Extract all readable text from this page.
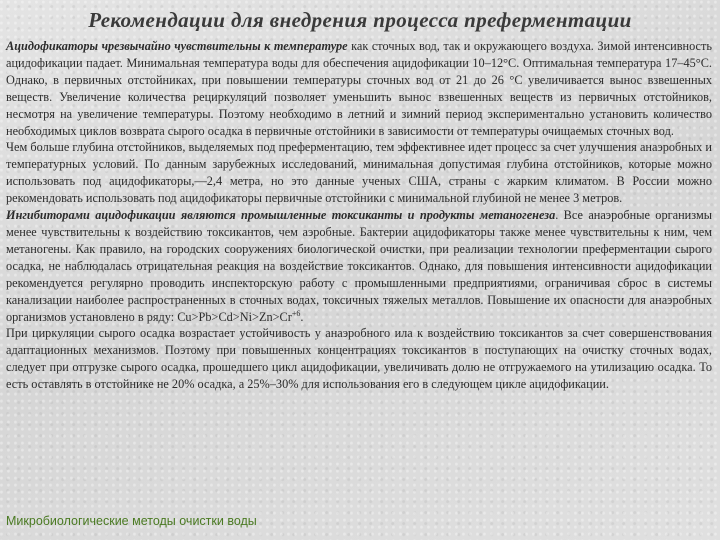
Рекомендации для внедрения процесса преферментации

Ацидофикаторы чрезвычайно чувствительны к температуре как сточных вод, так и окружающего воздуха. Зимой интенсивность ацидофикации падает. Минимальная температура воды для обеспечения ацидофикации 10–12°С. Оптимальная температура 17–45°С. Однако, в первичных отстойниках, при повышении температуры сточных вод от 21 до 26 °С увеличивается вынос взвешенных веществ. Увеличение количества рециркуляций позволяет уменьшить вынос взвешенных веществ из первичных отстойников, несмотря на увеличение температуры. Поэтому необходимо в летний и зимний период экспериментально установить количество необходимых циклов возврата сырого осадка в первичные отстойники в зависимости от температуры очищаемых сточных вод.

Чем больше глубина отстойников, выделяемых под преферментацию, тем эффективнее идет процесс за счет улучшения анаэробных и температурных условий. По данным зарубежных исследований, минимальная допустимая глубина отстойников, которые можно использовать под ацидофикаторы,—2,4 метра, но это данные ученых США, страны с жарким климатом. В России можно рекомендовать использовать под ацидофикаторы первичные отстойники с минимальной глубиной не менее 3 метров.

Ингибиторами ацидофикации являются промышленные токсиканты и продукты метаногенеза. Все анаэробные организмы менее чувствительны к воздействию токсикантов, чем аэробные. Бактерии ацидофикаторы также менее чувствительны к ним, чем метаногены. Как правило, на городских сооружениях биологической очистки, при реализации технологии преферментации сырого осадка, не наблюдалась отрицательная реакция на воздействие токсикантов. Однако, для повышения интенсивности ацидофикации рекомендуется регулярно проводить инспекторскую работу с промышленными предприятиями, ограничивая сброс в системы канализации наиболее распространенных в сточных водах, токсичных тяжелых металлов. Повышение их опасности для анаэробных организмов установлено в ряду: $Cu>Pb>Cd>Ni>Zn>Cr^{+6}$.

При циркуляции сырого осадка возрастает устойчивость у анаэробного ила к воздействию токсикантов за счет совершенствования адаптационных механизмов. Поэтому при повышенных концентрациях токсикантов в поступающих на очистку сточных водах, следует при отгрузке сырого осадка, прошедшего цикл ацидофикации, увеличивать долю не отгружаемого на утилизацию осадка. То есть оставлять в отстойнике не 20% осадка, а 25%–30% для использования его в следующем цикле ацидофикации.

Микробиологические методы очистки воды
